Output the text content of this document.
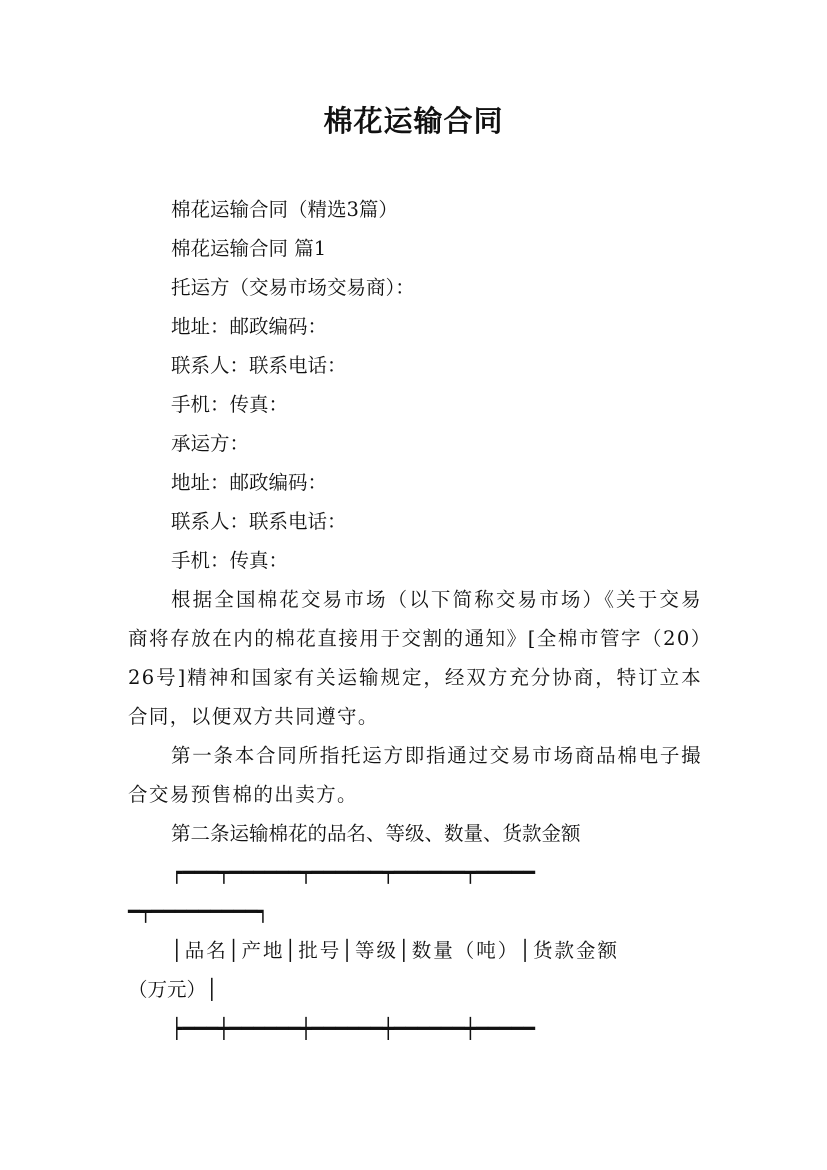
棉花运输合同
棉花运输合同（精选3篇）
棉花运输合同 篇1
托运方（交易市场交易商）：
地址：邮政编码：
联系人：联系电话：
手机：传真：
承运方：
地址：邮政编码：
联系人：联系电话：
手机：传真：
根据全国棉花交易市场（以下简称交易市场）《关于交易商将存放在内的棉花直接用于交割的通知》[全棉市管字（20）26号]精神和国家有关运输规定，经双方充分协商，特订立本合同，以便双方共同遵守。
第一条本合同所指托运方即指通过交易市场商品棉电子撮合交易预售棉的出卖方。
第二条运输棉花的品名、等级、数量、货款金额
┍━━━┯━━━━━━┯━━━━━━┯━━━━━━┯━━━━━
━┯━━━━━━━━━┑
│品名│产地│批号│等级│数量（吨）│货款金额
（万元）│
┝━━━┿━━━━━━┿━━━━━━┿━━━━━━┿━━━━━
